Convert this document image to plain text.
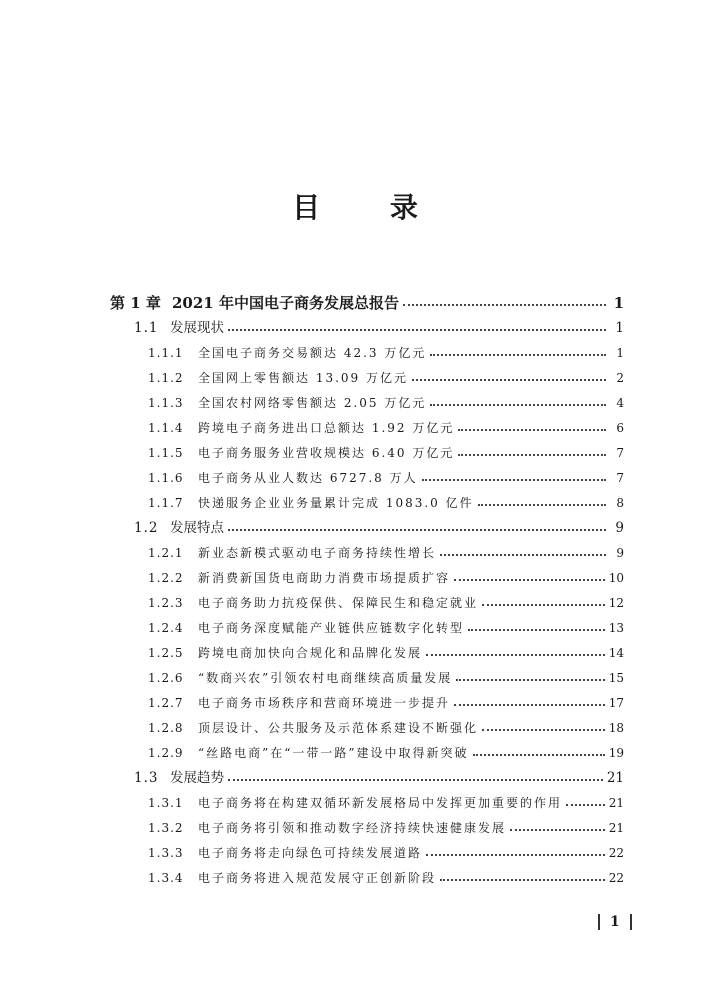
目 录
第 1 章 2021 年中国电子商务发展总报告	1
1.1 发展现状	1
1.1.1	全国电子商务交易额达 42.3 万亿元	1
1.1.2	全国网上零售额达 13.09 万亿元	2
1.1.3	全国农村网络零售额达 2.05 万亿元	4
1.1.4	跨境电子商务进出口总额达 1.92 万亿元	6
1.1.5	电子商务服务业营收规模达 6.40 万亿元	7
1.1.6	电子商务从业人数达 6727.8 万人	7
1.1.7	快递服务企业业务量累计完成 1083.0 亿件	8
1.2 发展特点	9
1.2.1	新业态新模式驱动电子商务持续性增长	9
1.2.2	新消费新国货电商助力消费市场提质扩容	10
1.2.3	电子商务助力抗疫保供、保障民生和稳定就业	12
1.2.4	电子商务深度赋能产业链供应链数字化转型	13
1.2.5	跨境电商加快向合规化和品牌化发展	14
1.2.6	“数商兴农”引领农村电商继续高质量发展	15
1.2.7	电子商务市场秩序和营商环境进一步提升	17
1.2.8	顶层设计、公共服务及示范体系建设不断强化	18
1.2.9	“丝路电商”在“一带一路”建设中取得新突破	19
1.3 发展趋势	21
1.3.1	电子商务将在构建双循环新发展格局中发挥更加重要的作用	21
1.3.2	电子商务将引领和推动数字经济持续快速健康发展	21
1.3.3	电子商务将走向绿色可持续发展道路	22
1.3.4	电子商务将进入规范发展守正创新阶段	22
1
